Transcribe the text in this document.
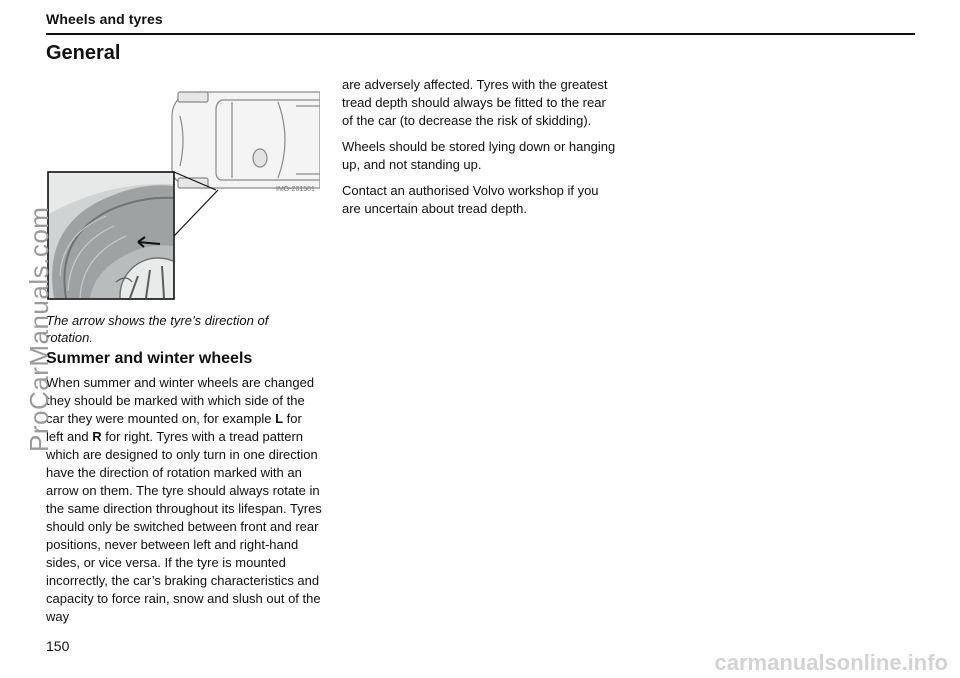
Wheels and tyres
General
IMG-201501
The arrow shows the tyre’s direction of rotation.
Summer and winter wheels

When summer and winter wheels are changed they should be marked with which side of the car they were mounted on, for example L for left and R for right. Tyres with a tread pattern which are designed to only turn in one direction have the direction of rotation marked with an arrow on them. The tyre should always rotate in the same direction throughout its lifespan. Tyres should only be switched between front and rear positions, never between left and right-hand sides, or vice versa. If the tyre is mounted incorrectly, the car’s braking characteristics and capacity to force rain, snow and slush out of the way

are adversely affected. Tyres with the greatest tread depth should always be fitted to the rear of the car (to decrease the risk of skidding).

Wheels should be stored lying down or hanging up, and not standing up.

Contact an authorised Volvo workshop if you are uncertain about tread depth.

150
ProCarManuals.com
carmanualsonline.info
